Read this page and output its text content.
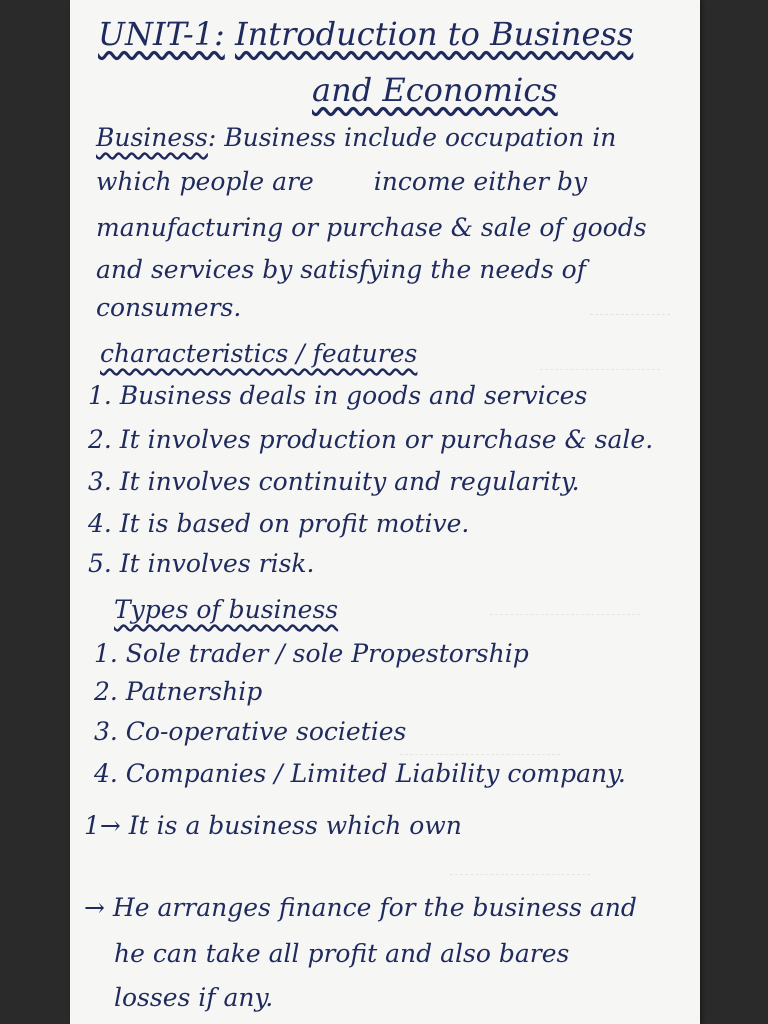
UNIT-1: Introduction to Business
and Economics
Business: Business include occupation in
which people are income either by
manufacturing or purchase & sale of goods
and services by satisfying the needs of
consumers.
characteristics / features
1. Business deals in goods and services
2. It involves production or purchase & sale.
3. It involves continuity and regularity.
4. It is based on profit motive.
5. It involves risk.
Types of business
1. Sole trader / sole Propestorship
2. Patnership
3. Co-operative societies
4. Companies / Limited Liability company.
1→ It is a business which own
→ He arranges finance for the business and
he can take all profit and also bares
losses if any.
